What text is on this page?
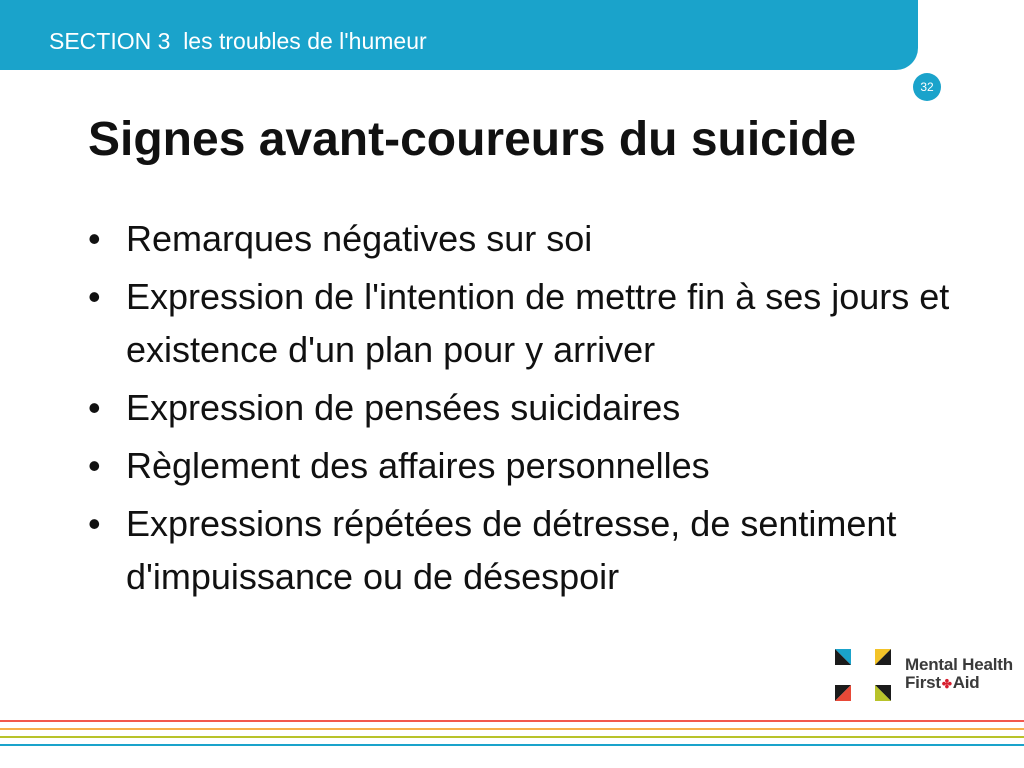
SECTION 3  les troubles de l'humeur
32
Signes avant-coureurs du suicide
• Remarques négatives sur soi
• Expression de l'intention de mettre fin à ses jours et existence d'un plan pour y arriver
• Expression de pensées suicidaires
• Règlement des affaires personnelles
• Expressions répétées de détresse, de sentiment d'impuissance ou de désespoir
Mental Health
First✤Aid
